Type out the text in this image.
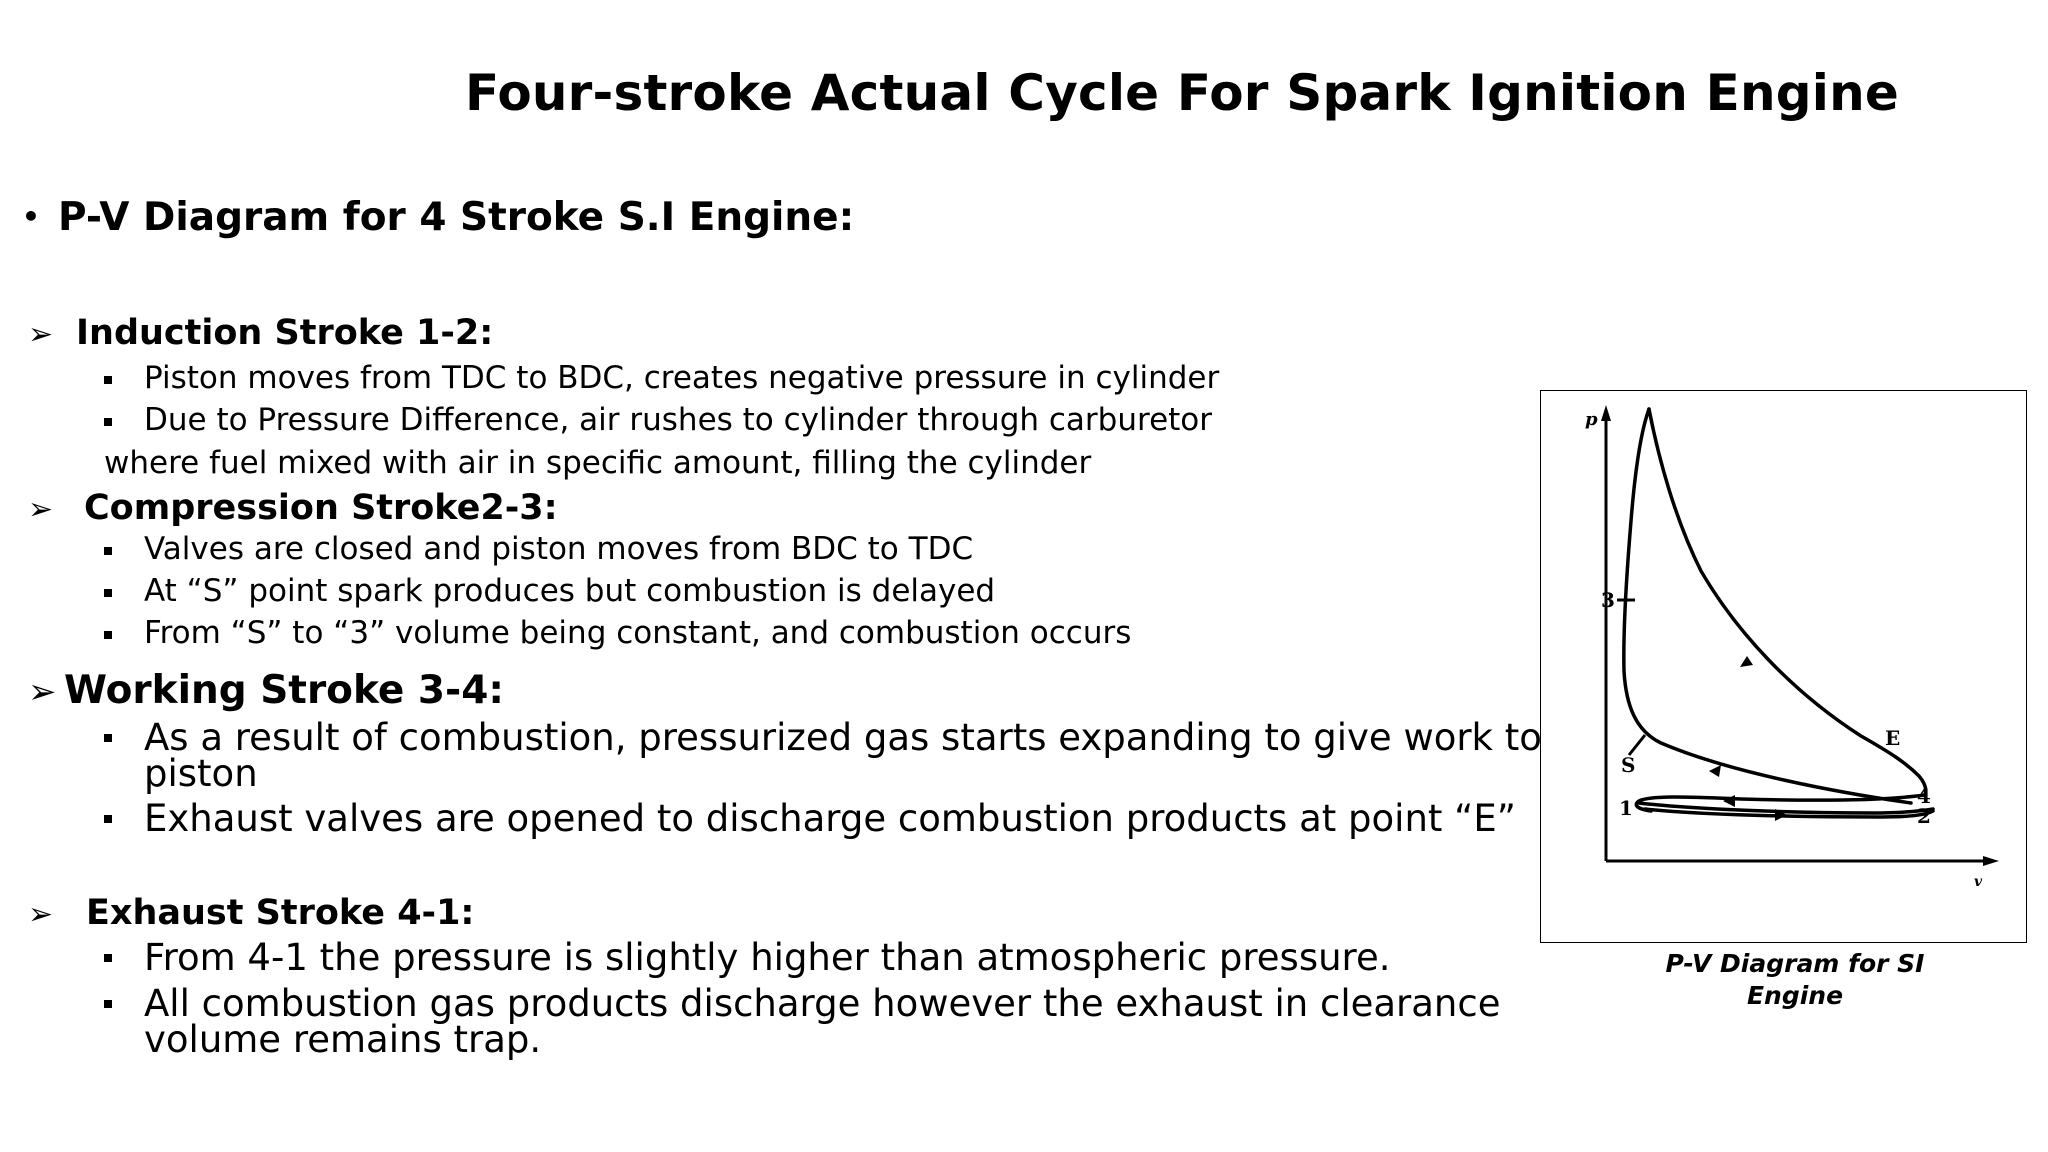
Four-stroke Actual Cycle For Spark Ignition Engine
• P-V Diagram for 4 Stroke S.I Engine:
➢ Induction Stroke 1-2:
Piston moves from TDC to BDC, creates negative pressure in cylinder
Due to Pressure Difference, air rushes to cylinder through carburetor
where fuel mixed with air in specific amount, filling the cylinder
➢ Compression Stroke2-3:
Valves are closed and piston moves from BDC to TDC
At “S” point spark produces but combustion is delayed
From “S” to “3” volume being constant, and combustion occurs
➢ Working Stroke 3-4:
As a result of combustion, pressurized gas starts expanding to give work to
piston
Exhaust valves are opened to discharge combustion products at point “E”
➢ Exhaust Stroke 4-1:
From 4-1 the pressure is slightly higher than atmospheric pressure.
All combustion gas products discharge however the exhaust in clearance
volume remains trap.
p
v
3
S
E
4
1	2
P-V Diagram for SI
Engine
